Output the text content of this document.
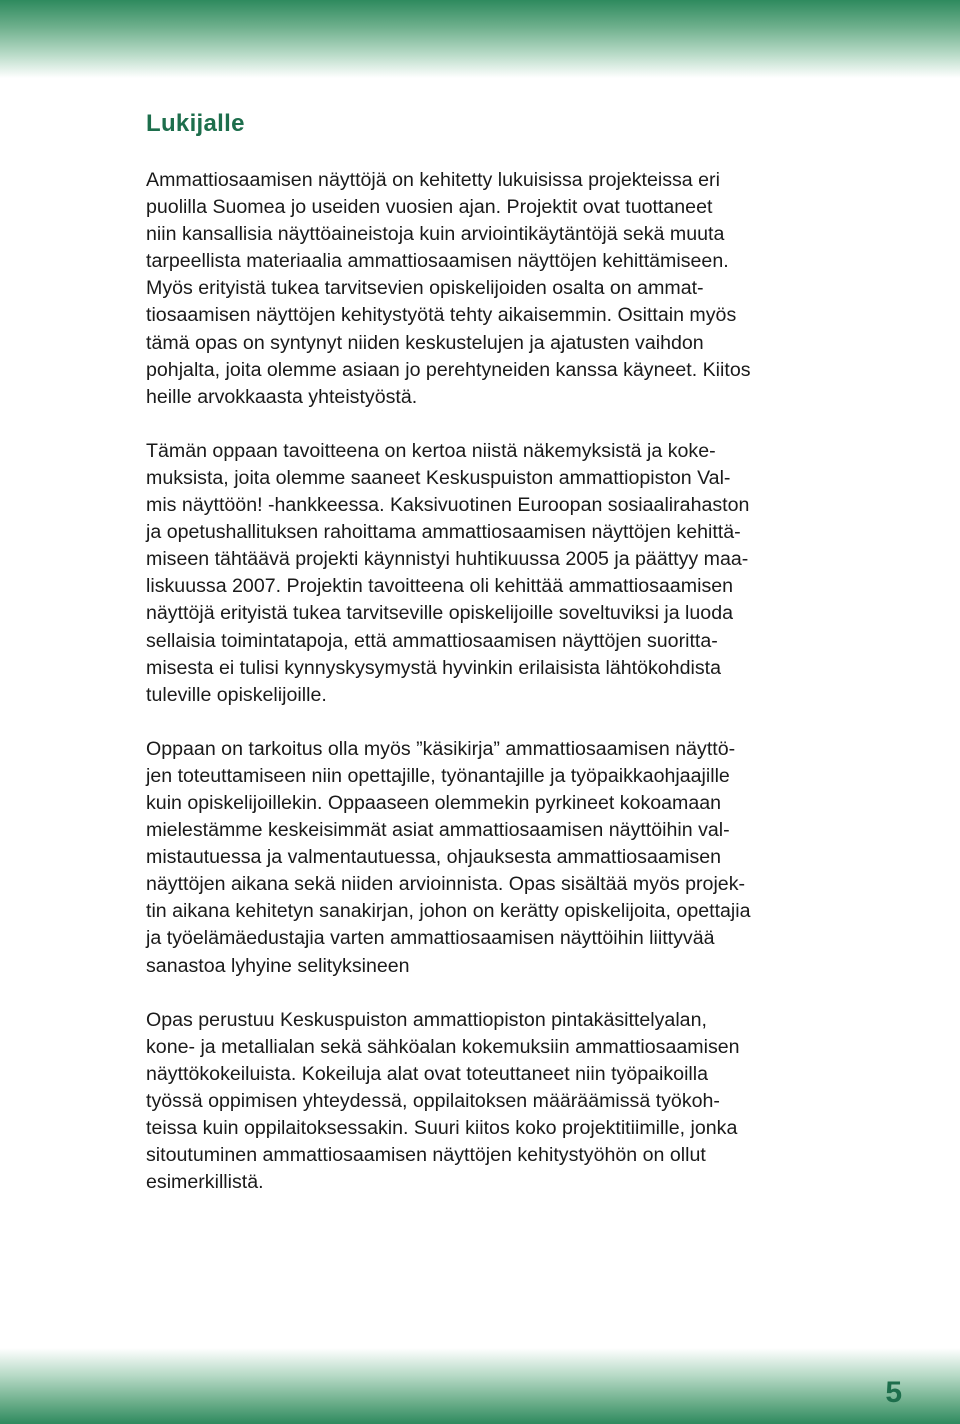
Lukijalle

Ammattiosaamisen näyttöjä on kehitetty lukuisissa projekteissa eri
puolilla Suomea jo useiden vuosien ajan. Projektit ovat tuottaneet
niin kansallisia näyttöaineistoja kuin arviointikäytäntöjä sekä muuta
tarpeellista materiaalia ammattiosaamisen näyttöjen kehittämiseen.
Myös erityistä tukea tarvitsevien opiskelijoiden osalta on ammat-
tiosaamisen näyttöjen kehitystyötä tehty aikaisemmin. Osittain myös
tämä opas on syntynyt niiden keskustelujen ja ajatusten vaihdon
pohjalta, joita olemme asiaan jo perehtyneiden kanssa käyneet. Kiitos
heille arvokkaasta yhteistyöstä.

Tämän oppaan tavoitteena on kertoa niistä näkemyksistä ja koke-
muksista, joita olemme saaneet Keskuspuiston ammattiopiston Val-
mis näyttöön! -hankkeessa. Kaksivuotinen Euroopan sosiaalirahaston
ja opetushallituksen rahoittama ammattiosaamisen näyttöjen kehittä-
miseen tähtäävä projekti käynnistyi huhtikuussa 2005 ja päättyy maa-
liskuussa 2007. Projektin tavoitteena oli kehittää ammattiosaamisen
näyttöjä erityistä tukea tarvitseville opiskelijoille soveltuviksi ja luoda
sellaisia toimintatapoja, että ammattiosaamisen näyttöjen suoritta-
misesta ei tulisi kynnyskysymystä hyvinkin erilaisista lähtökohdista
tuleville opiskelijoille.

Oppaan on tarkoitus olla myös ”käsikirja” ammattiosaamisen näyttö-
jen toteuttamiseen niin opettajille, työnantajille ja työpaikkaohjaajille
kuin opiskelijoillekin. Oppaaseen olemmekin pyrkineet kokoamaan
mielestämme keskeisimmät asiat ammattiosaamisen näyttöihin val-
mistautuessa ja valmentautuessa, ohjauksesta ammattiosaamisen
näyttöjen aikana sekä niiden arvioinnista. Opas sisältää myös projek-
tin aikana kehitetyn sanakirjan, johon on kerätty opiskelijoita, opettajia
ja työelämäedustajia varten ammattiosaamisen näyttöihin liittyvää
sanastoa lyhyine selityksineen

Opas perustuu Keskuspuiston ammattiopiston pintakäsittelyalan,
kone- ja metallialan sekä sähköalan kokemuksiin ammattiosaamisen
näyttökokeiluista. Kokeiluja alat ovat toteuttaneet niin työpaikoilla
työssä oppimisen yhteydessä, oppilaitoksen määräämissä työkoh-
teissa kuin oppilaitoksessakin. Suuri kiitos koko projektitiimille, jonka
sitoutuminen ammattiosaamisen näyttöjen kehitystyöhön on ollut
esimerkillistä.

5
